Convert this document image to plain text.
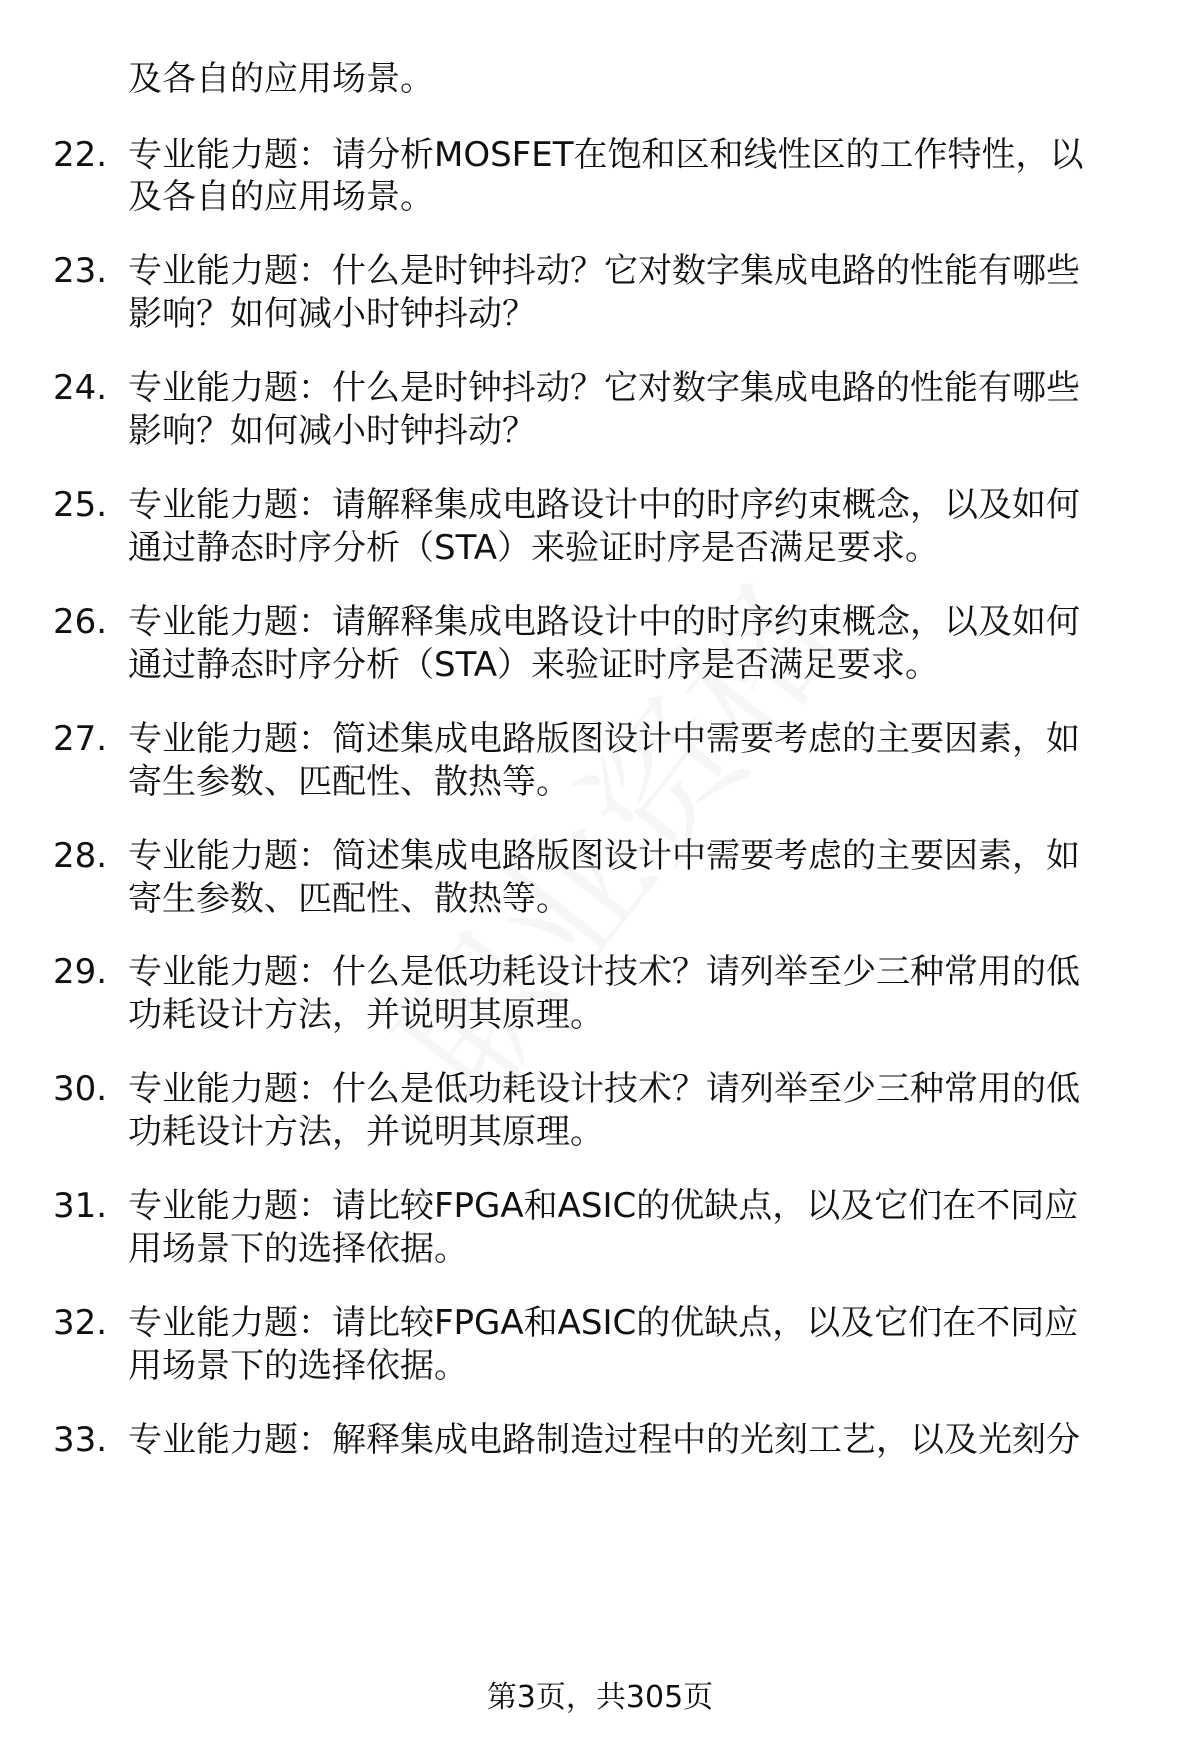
及各自的应用场景。
22. 专业能力题：请分析MOSFET在饱和区和线性区的工作特性，以
及各自的应用场景。
23. 专业能力题：什么是时钟抖动？它对数字集成电路的性能有哪些
影响？如何减小时钟抖动？
24. 专业能力题：什么是时钟抖动？它对数字集成电路的性能有哪些
影响？如何减小时钟抖动？
25. 专业能力题：请解释集成电路设计中的时序约束概念，以及如何
通过静态时序分析（STA）来验证时序是否满足要求。
26. 专业能力题：请解释集成电路设计中的时序约束概念，以及如何
通过静态时序分析（STA）来验证时序是否满足要求。
27. 专业能力题：简述集成电路版图设计中需要考虑的主要因素，如
寄生参数、匹配性、散热等。
28. 专业能力题：简述集成电路版图设计中需要考虑的主要因素，如
寄生参数、匹配性、散热等。
29. 专业能力题：什么是低功耗设计技术？请列举至少三种常用的低
功耗设计方法，并说明其原理。
30. 专业能力题：什么是低功耗设计技术？请列举至少三种常用的低
功耗设计方法，并说明其原理。
31. 专业能力题：请比较FPGA和ASIC的优缺点，以及它们在不同应
用场景下的选择依据。
32. 专业能力题：请比较FPGA和ASIC的优缺点，以及它们在不同应
用场景下的选择依据。
33. 专业能力题：解释集成电路制造过程中的光刻工艺，以及光刻分
第3页，共305页
